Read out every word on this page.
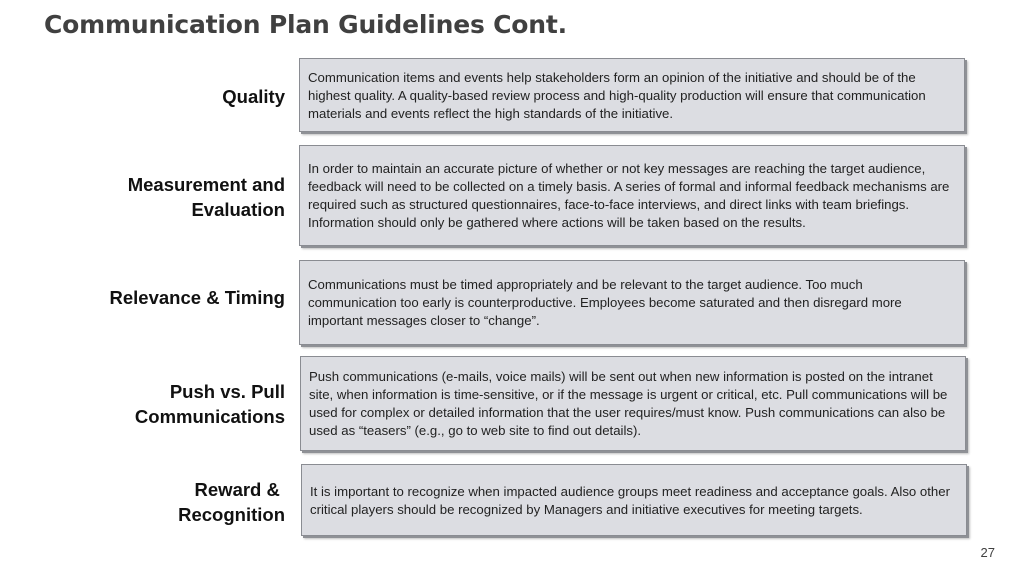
Communication Plan Guidelines Cont.
Quality
Communication items and events help stakeholders form an opinion of the initiative and should be of the highest quality. A quality-based review process and high-quality production will ensure that communication materials and events reflect the high standards of the initiative.
Measurement and
Evaluation
In order to maintain an accurate picture of whether or not key messages are reaching the target audience, feedback will need to be collected on a timely basis. A series of formal and informal feedback mechanisms are required such as structured questionnaires, face-to-face interviews, and direct links with team briefings. Information should only be gathered where actions will be taken based on the results.
Relevance & Timing
Communications must be timed appropriately and be relevant to the target audience. Too much communication too early is counterproductive. Employees become saturated and then disregard more important messages closer to “change”.
Push vs. Pull
Communications
Push communications (e-mails, voice mails) will be sent out when new information is posted on the intranet site, when information is time-sensitive, or if the message is urgent or critical, etc. Pull communications will be used for complex or detailed information that the user requires/must know. Push communications can also be used as “teasers” (e.g., go to web site to find out details).
Reward &
Recognition
It is important to recognize when impacted audience groups meet readiness and acceptance goals. Also other critical players should be recognized by Managers and initiative executives for meeting targets.
27
